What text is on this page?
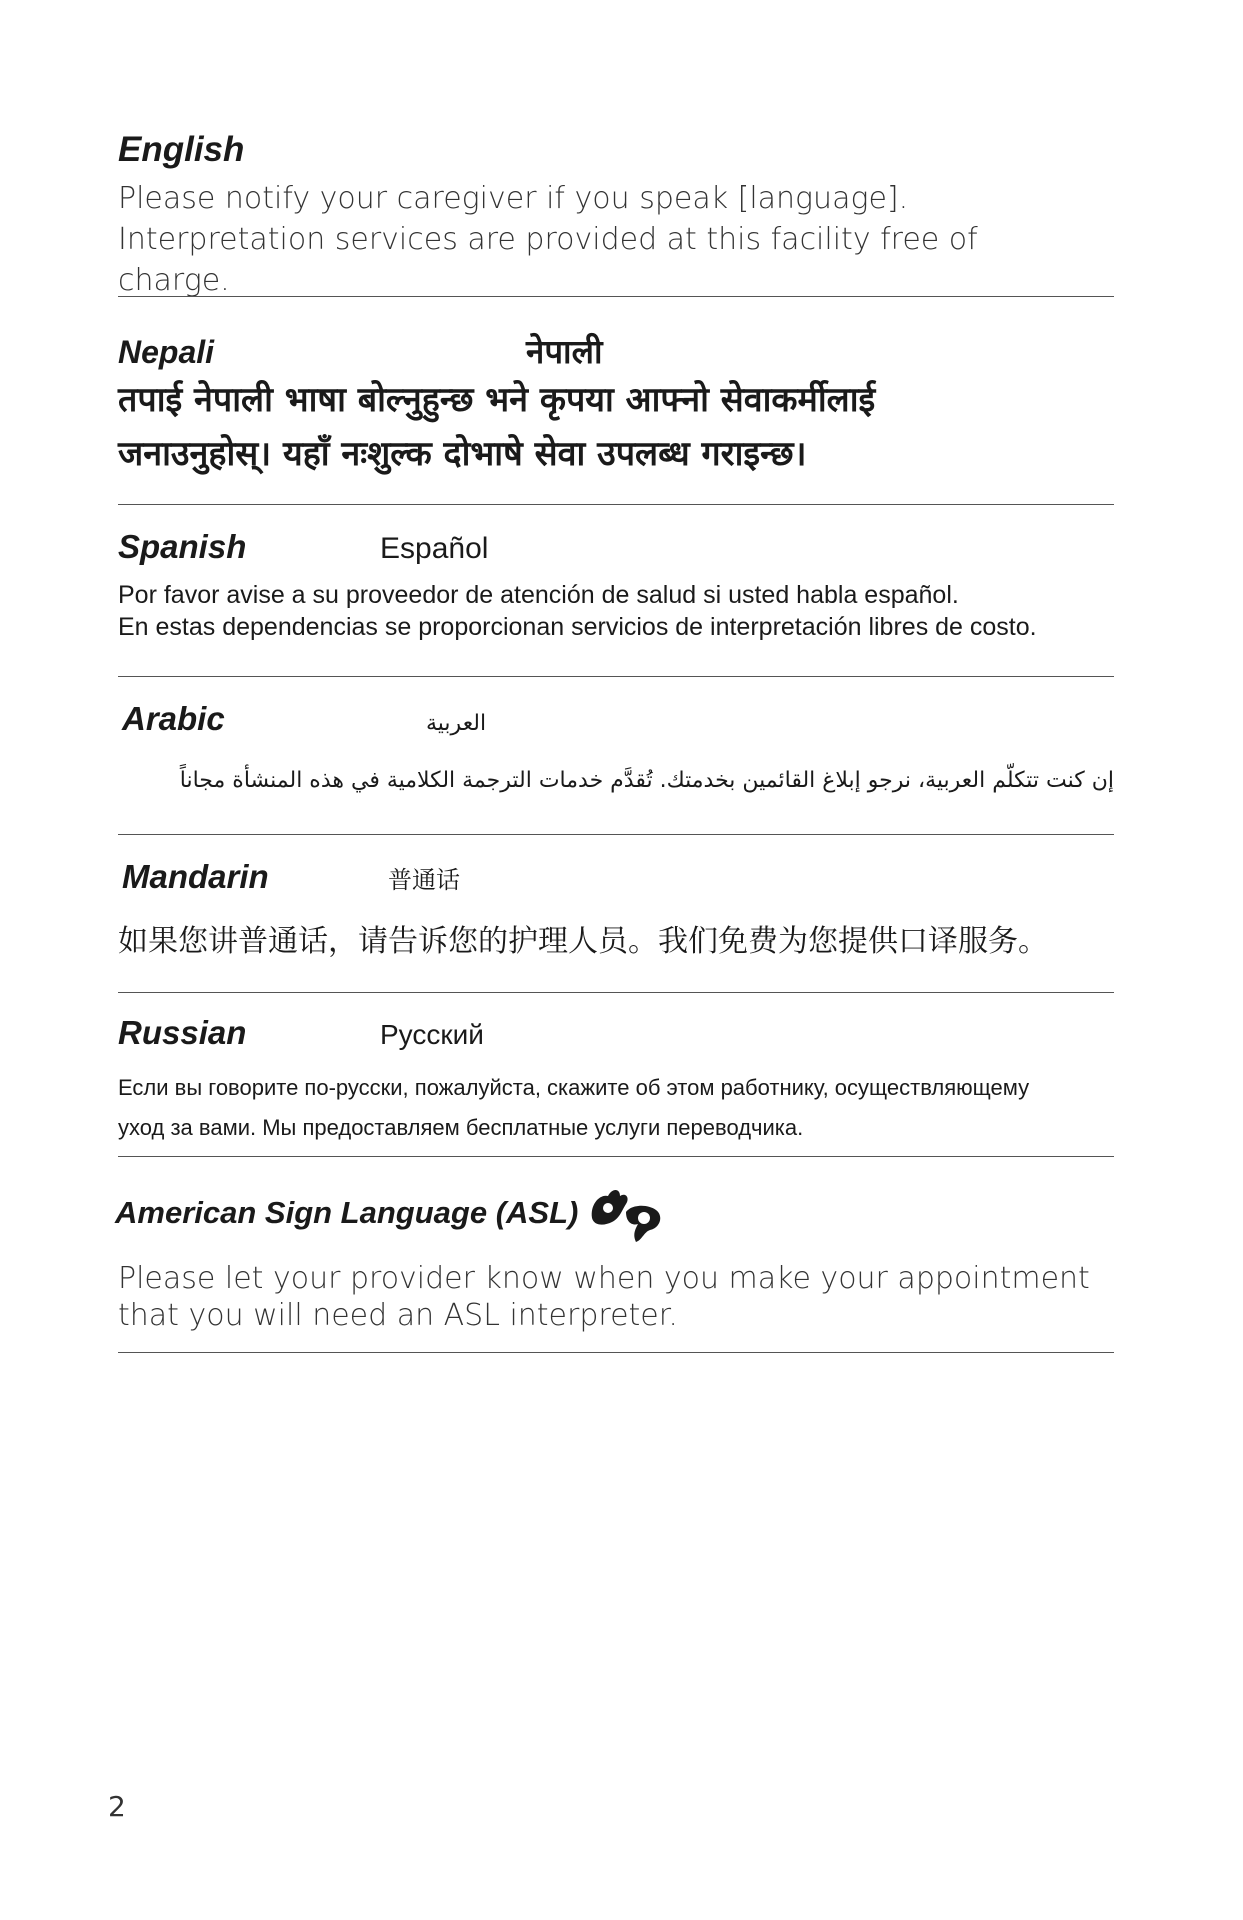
English
Please notify your caregiver if you speak [language]. Interpretation services are provided at this facility free of charge.
Nepali	नेपाली
तपाई नेपाली भाषा बोल्नुहुन्छ भने कृपया आफ्नो सेवाकर्मीलाई
जनाउनुहोस्। यहाँ नःशुल्क दोभाषे सेवा उपलब्ध गराइन्छ।
Spanish	Español
Por favor avise a su proveedor de atención de salud si usted habla español.
En estas dependencias se proporcionan servicios de interpretación libres de costo.
Arabic	العربية
إن كنت تتكلّم العربية، نرجو إبلاغ القائمين بخدمتك. تُقدَّم خدمات الترجمة الكلامية في هذه المنشأة مجاناً
Mandarin	普通话
如果您讲普通话，请告诉您的护理人员。我们免费为您提供口译服务。
Russian	Русский
Если вы говорите по-русски, пожалуйста, скажите об этом работнику, осуществляющему
уход за вами. Мы предоставляем бесплатные услуги переводчика.
American Sign Language (ASL)
Please let your provider know when you make your appointment
that you will need an ASL interpreter.
2
